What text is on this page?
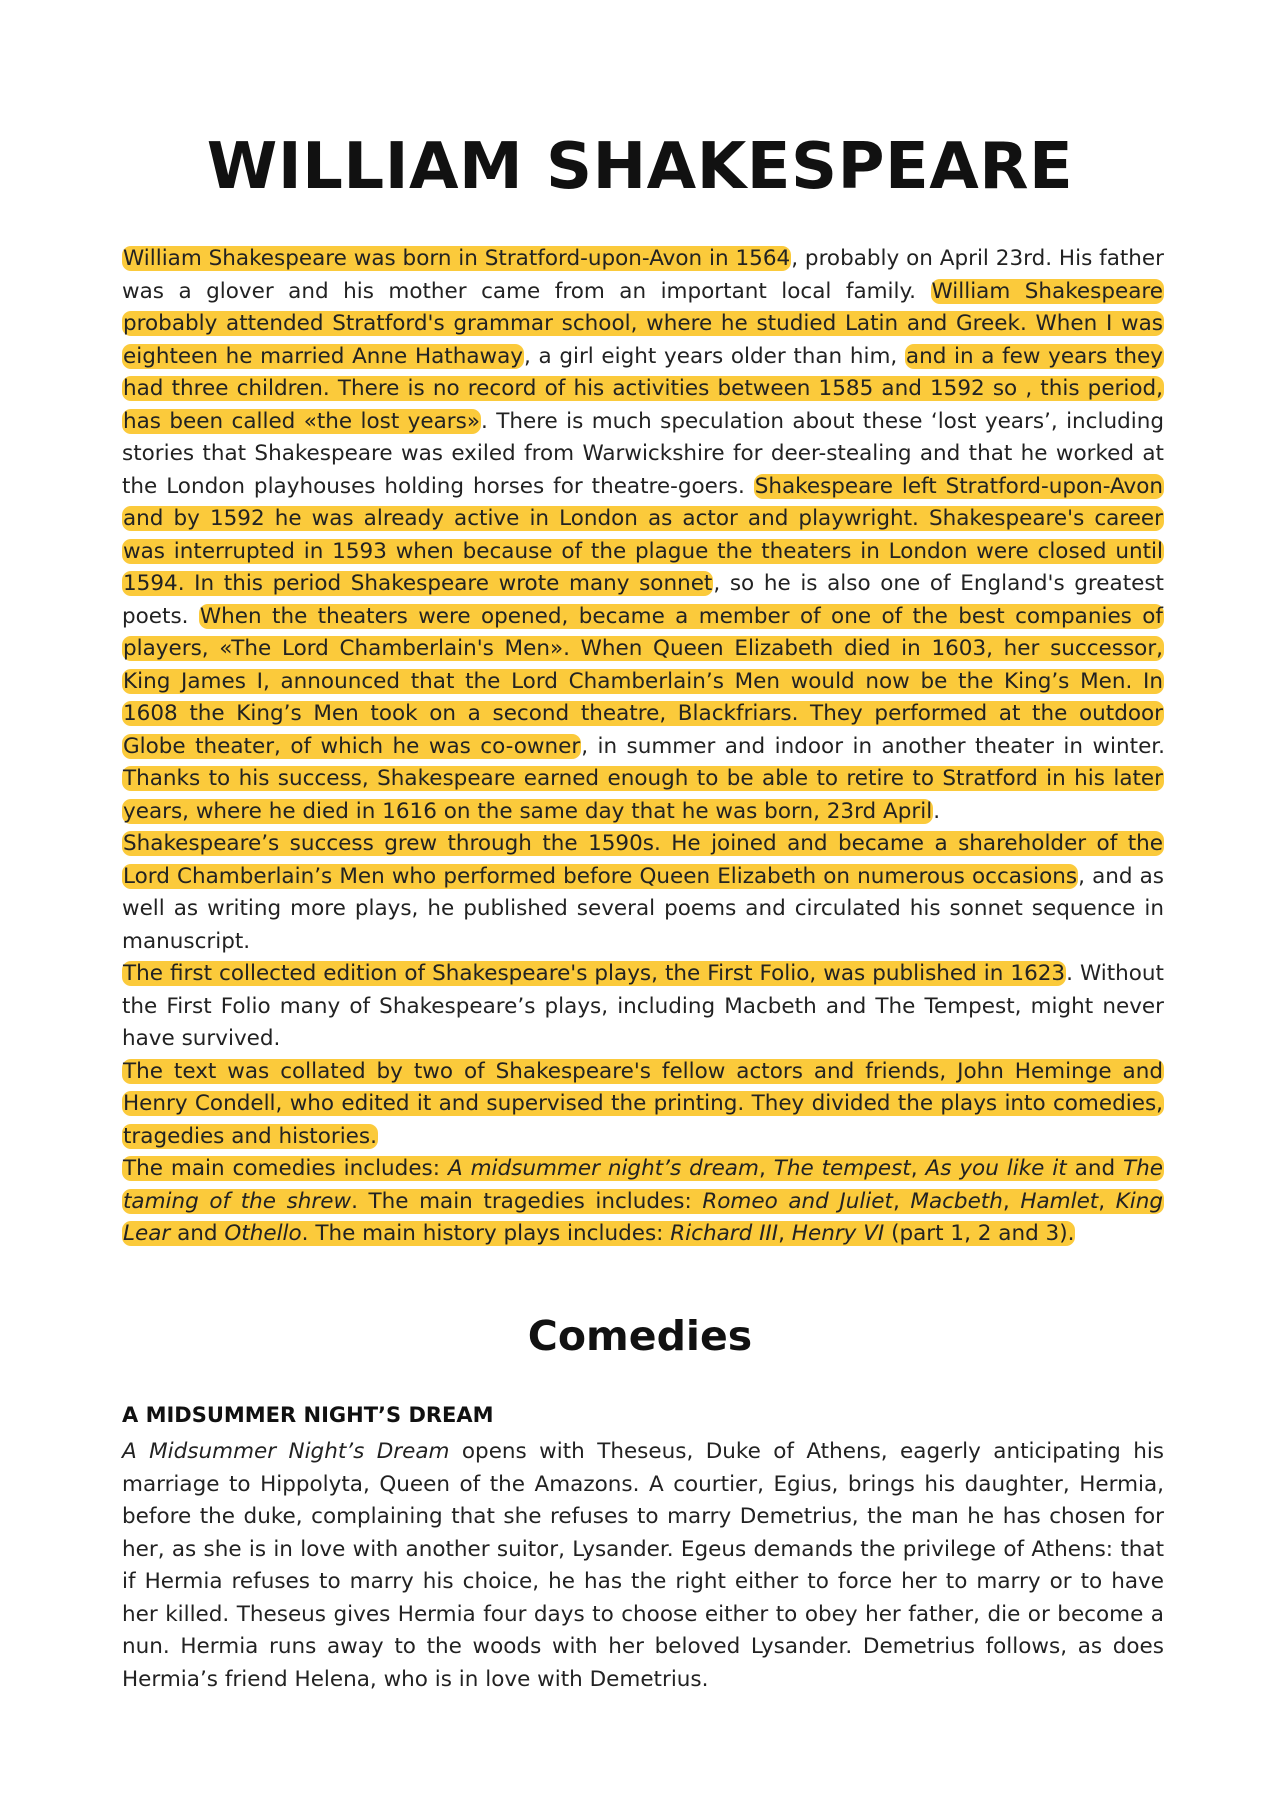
WILLIAM SHAKESPEARE

William Shakespeare was born in Stratford-upon-Avon in 1564, probably on April 23rd. His father was a glover and his mother came from an important local family. William Shakespeare probably attended Stratford's grammar school, where he studied Latin and Greek. When I was eighteen he married Anne Hathaway, a girl eight years older than him, and in a few years they had three children. There is no record of his activities between 1585 and 1592 so , this period, has been called «the lost years». There is much speculation about these ‘lost years’, including stories that Shakespeare was exiled from Warwickshire for deer-stealing and that he worked at the London playhouses holding horses for theatre-goers. Shakespeare left Stratford-upon-Avon and by 1592 he was already active in London as actor and playwright. Shakespeare's career was interrupted in 1593 when because of the plague the theaters in London were closed until 1594. In this period Shakespeare wrote many sonnet, so he is also one of England's greatest poets. When the theaters were opened, became a member of one of the best companies of players, «The Lord Chamberlain's Men». When Queen Elizabeth died in 1603, her successor, King James I, announced that the Lord Chamberlain’s Men would now be the King’s Men. In 1608 the King’s Men took on a second theatre, Blackfriars. They performed at the outdoor Globe theater, of which he was co-owner, in summer and indoor in another theater in winter. Thanks to his success, Shakespeare earned enough to be able to retire to Stratford in his later years, where he died in 1616 on the same day that he was born, 23rd April.

Shakespeare’s success grew through the 1590s. He joined and became a shareholder of the Lord Chamberlain’s Men who performed before Queen Elizabeth on numerous occasions, and as well as writing more plays, he published several poems and circulated his sonnet sequence in manuscript.

The first collected edition of Shakespeare's plays, the First Folio, was published in 1623. Without the First Folio many of Shakespeare’s plays, including Macbeth and The Tempest, might never have survived.

The text was collated by two of Shakespeare's fellow actors and friends, John Heminge and Henry Condell, who edited it and supervised the printing. They divided the plays into comedies, tragedies and histories.

The main comedies includes: A midsummer night’s dream, The tempest, As you like it and The taming of the shrew. The main tragedies includes: Romeo and Juliet, Macbeth, Hamlet, King Lear and Othello. The main history plays includes: Richard III, Henry VI (part 1, 2 and 3).

Comedies
A MIDSUMMER NIGHT’S DREAM

A Midsummer Night’s Dream opens with Theseus, Duke of Athens, eagerly anticipating his marriage to Hippolyta, Queen of the Amazons. A courtier, Egius, brings his daughter, Hermia, before the duke, complaining that she refuses to marry Demetrius, the man he has chosen for her, as she is in love with another suitor, Lysander. Egeus demands the privilege of Athens: that if Hermia refuses to marry his choice, he has the right either to force her to marry or to have her killed. Theseus gives Hermia four days to choose either to obey her father, die or become a nun. Hermia runs away to the woods with her beloved Lysander. Demetrius follows, as does Hermia’s friend Helena, who is in love with Demetrius.
